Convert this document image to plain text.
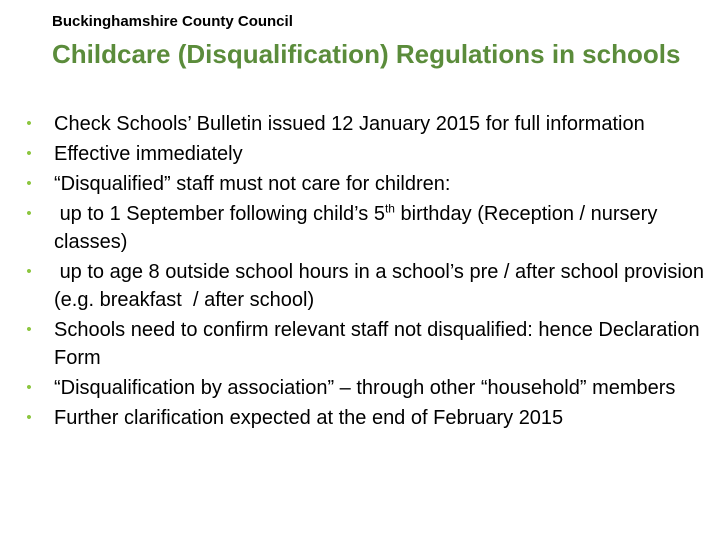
Buckinghamshire County Council
Childcare (Disqualification) Regulations in schools
• Check Schools’ Bulletin issued 12 January 2015 for full information
• Effective immediately
• “Disqualified” staff must not care for children:
• up to 1 September following child’s 5th birthday (Reception / nursery classes)
• up to age 8 outside school hours in a school’s pre / after school provision (e.g. breakfast  / after school)
• Schools need to confirm relevant staff not disqualified: hence Declaration Form
• “Disqualification by association” – through other “household” members
• Further clarification expected at the end of February 2015
